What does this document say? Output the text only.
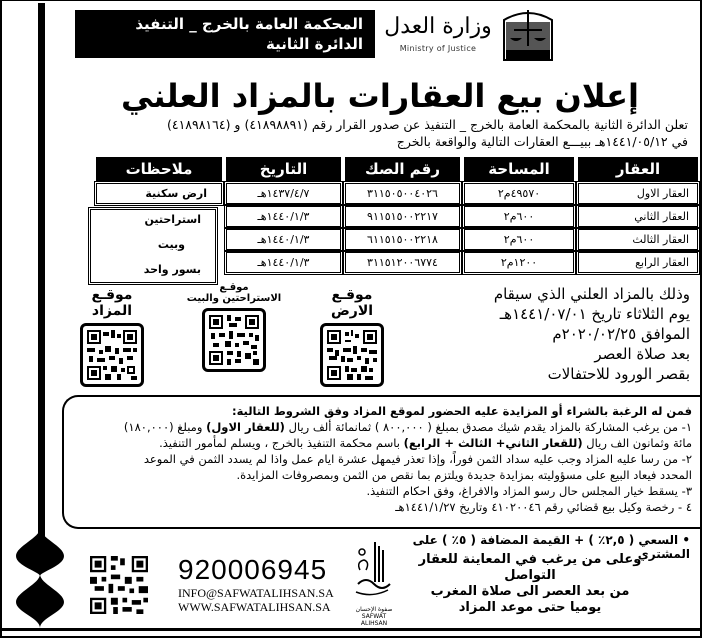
المحكمة العامة بالخرج _ التنفيذ
الدائرة الثانية
وزارة العدل
Ministry of Justice
إعلان بيع العقارات بالمزاد العلني
تعلن الدائرة الثانية بالمحكمة العامة بالخرج _ التنفيذ عن صدور القرار رقم (٤١٨٩٨٨٩١) و (٤١٨٩٨١٦٤)
في ١٤٤١/٠٥/١٢هـ ببيـــع العقارات التالية والواقعة بالخرج
العقار
المساحة
رقم الصك
التاريخ
ملاحظات
العقار الاول
٤٩٥٧٠م٢
٣١١٥٠٥٠٠٤٠٢٦
١٤٣٧/٤/٧هـ
ارض سكنية
العقار الثاني
٦٠٠م٢
٩١١٥١٥٠٠٢٢١٧
١٤٤٠/١/٣هـ
العقار الثالث
٦٠٠م٢
٦١١٥١٥٠٠٢٢١٨
١٤٤٠/١/٣هـ
العقار الرابع
١٢٠٠م٢
٣١١٥١٢٠٠٦٧٧٤
١٤٤٠/١/٣هـ
استراحتين
وبيت
بسور واحد
وذلك بالمزاد العلني الذي سيقام
يوم الثلاثاء تاريخ ١٤٤١/٠٧/٠١هـ
الموافق ٢٠٢٠/٠٢/٢٥م
بعد صلاة العصر
بقصر الورود للاحتفالات
موقـع الارض
موقـع
الاستراحتين والبيت
موقـع المزاد
فمن له الرغبة بالشراء أو المزايدة عليه الحضور لموقع المزاد وفق الشروط التالية:
١- من يرغب المشاركة بالمزاد يقدم شيك مصدق بمبلغ ( ٨٠٠,٠٠٠ ) ثمانمائة ألف ريال (للعقار الاول) ومبلغ (١٨٠,٠٠٠)
مائة وثمانون الف ريال (للقعار الثاني+ الثالث + الرابع) باسم محكمة التنفيذ بالخرج ، ويسلم لمأمور التنفيذ.
٢- من رسا عليه المزاد وجب عليه سداد الثمن فوراً، وإذا تعذر فيمهل عشرة ايام عمل واذا لم يسدد الثمن في الموعد
المحدد فيعاد البيع على مسؤوليته بمزايدة جديدة ويلتزم بما نقص من الثمن وبمصروفات المزايدة.
٣- يسقط خيار المجلس حال رسو المزاد والافراغ، وفق احكام التنفيذ.
٤ - رخصة وكيل بيع قضائي رقم ٤١٠٢٠٠٤٦ وتاريخ ١٤٤١/١/٢٧هـ
• السعي ( ٢,٥٪ ) + القيمة المضافة ( ٥٪ ) على المشتري
وعلى من يرغب في المعاينة للعقار التواصل
من بعد العصر الى صلاة المغرب
يوميا حتى موعد المزاد
صفوة الإحسان
SAFWAT ALIHSAN
920006945
INFO@SAFWATALIHSAN.SA
WWW.SAFWATALIHSAN.SA
